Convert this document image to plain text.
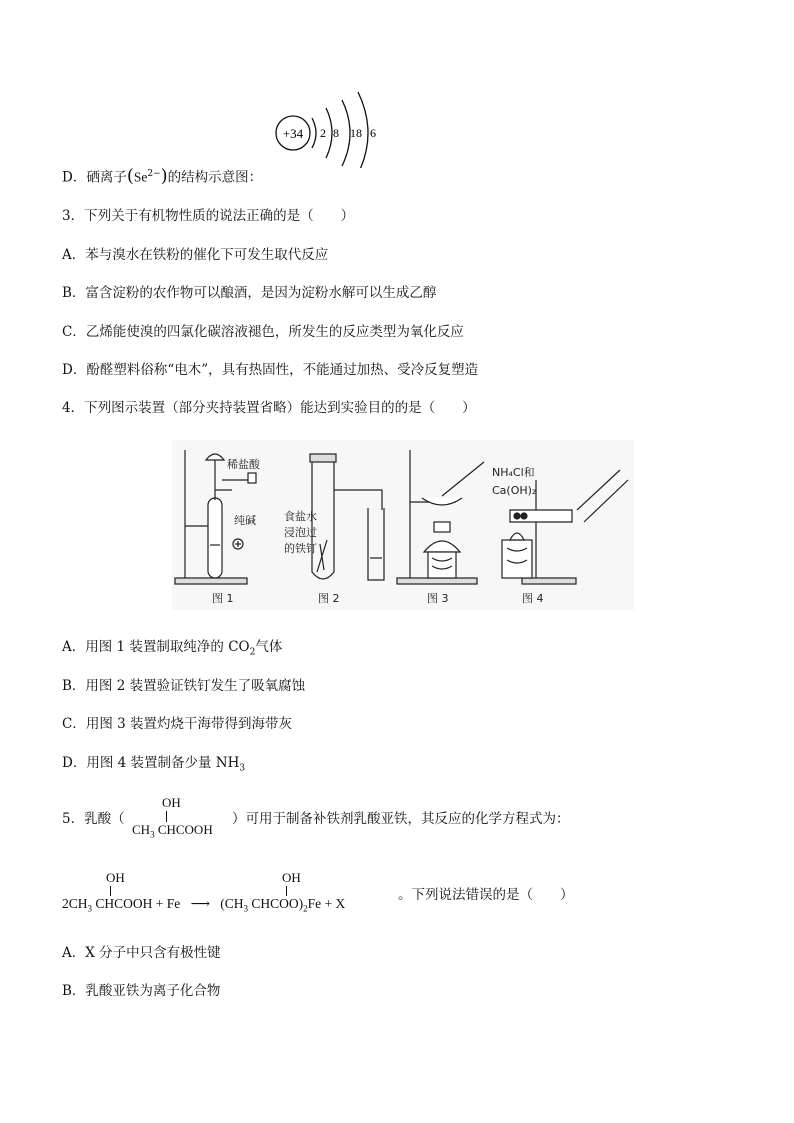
+34 2 8 18 6
D．硒离子$(Se^{2-})$的结构示意图：
3．下列关于有机物性质的说法正确的是（　　）
A．苯与溴水在铁粉的催化下可发生取代反应
B．富含淀粉的农作物可以酿酒，是因为淀粉水解可以生成乙醇
C．乙烯能使溴的四氯化碳溶液褪色，所发生的反应类型为氧化反应
D．酚醛塑料俗称“电木”，具有热固性，不能通过加热、受冷反复塑造
4．下列图示装置（部分夹持装置省略）能达到实验目的的是（　　）
稀盐酸
纯碱
图 1
食盐水
浸泡过
的铁钉
图 2	图 3
NH₄Cl和
Ca(OH)₂
图 4
A．用图 1 装置制取纯净的 $CO_2$气体
B．用图 2 装置验证铁钉发生了吸氧腐蚀
C．用图 3 装置灼烧干海带得到海带灰
D．用图 4 装置制备少量 $NH_3$
5．乳酸（
OH
$CH_3$ CHCOOH
）可用于制备补铁剂乳酸亚铁，其反应的化学方程式为：
OH	OH
$2CH_3$ CHCOOH + Fe ⟶ ($CH_3$ $CHCOO)_2Fe + X$
。下列说法错误的是（　　）
A．X 分子中只含有极性键
B．乳酸亚铁为离子化合物
